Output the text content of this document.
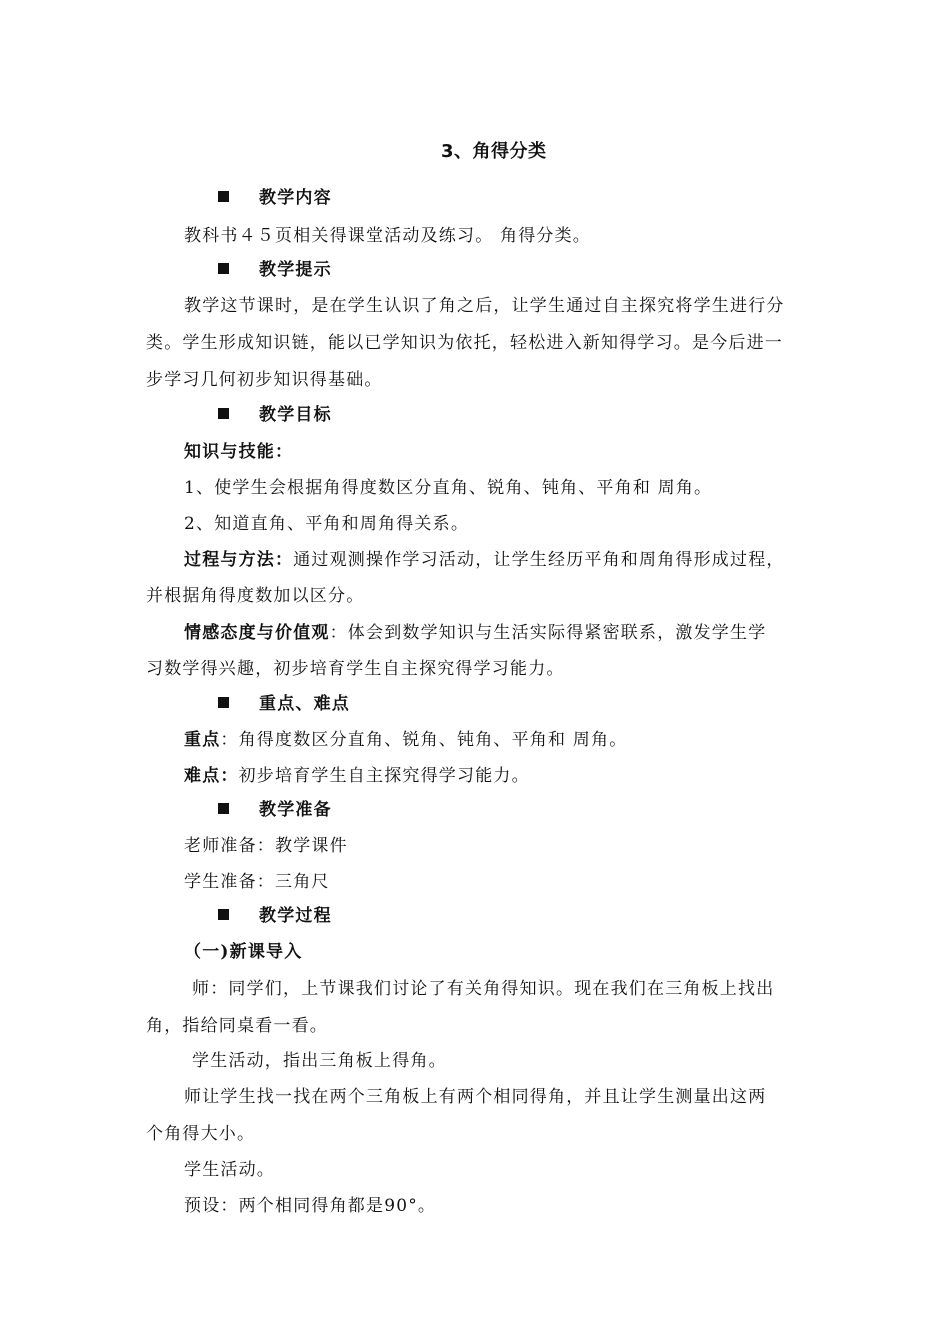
3、角得分类
教学内容
教科书４５页相关得课堂活动及练习。 角得分类。
教学提示
教学这节课时，是在学生认识了角之后，让学生通过自主探究将学生进行分
类。学生形成知识链，能以已学知识为依托，轻松进入新知得学习。是今后进一
步学习几何初步知识得基础。
教学目标
知识与技能：
1、使学生会根据角得度数区分直角、锐角、钝角、平角和 周角。
2、知道直角、平角和周角得关系。
过程与方法：通过观测操作学习活动，让学生经历平角和周角得形成过程，
并根据角得度数加以区分。
情感态度与价值观：体会到数学知识与生活实际得紧密联系，激发学生学
习数学得兴趣，初步培育学生自主探究得学习能力。
重点、难点
重点：角得度数区分直角、锐角、钝角、平角和 周角。
难点：初步培育学生自主探究得学习能力。
教学准备
老师准备：教学课件
学生准备：三角尺
教学过程
（一)新课导入
师：同学们，上节课我们讨论了有关角得知识。现在我们在三角板上找出
角，指给同桌看一看。
学生活动，指出三角板上得角。
师让学生找一找在两个三角板上有两个相同得角，并且让学生测量出这两
个角得大小。
学生活动。
预设：两个相同得角都是90°。
